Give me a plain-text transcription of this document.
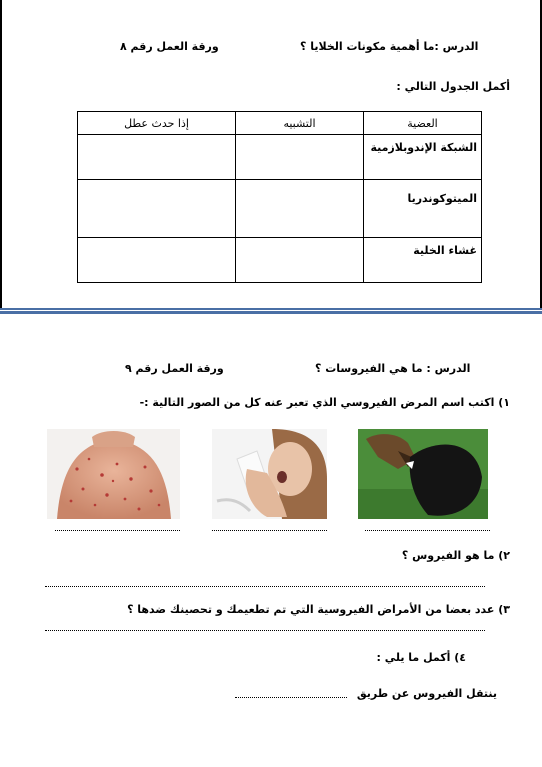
الدرس :ما أهمية مكونات الخلايا ؟
ورقة العمل رقم ٨
أكمل الجدول التالي :
العضية	التشبيه	إذا حدث عطل
الشبكة الإندوبلازمية		
الميتوكوندريا		
غشاء الخلية		
الدرس : ما هي الفيروسات ؟
ورقة العمل رقم ٩
١) اكتب اسم المرض الفيروسي الذي تعبر عنه كل من الصور التالية :-
٢) ما هو الفيروس ؟
٣) عدد بعضا من الأمراض الفيروسية التي تم تطعيمك و تحصينك ضدها ؟
٤) أكمل ما يلي :
ينتقل الفيروس عن طريق
